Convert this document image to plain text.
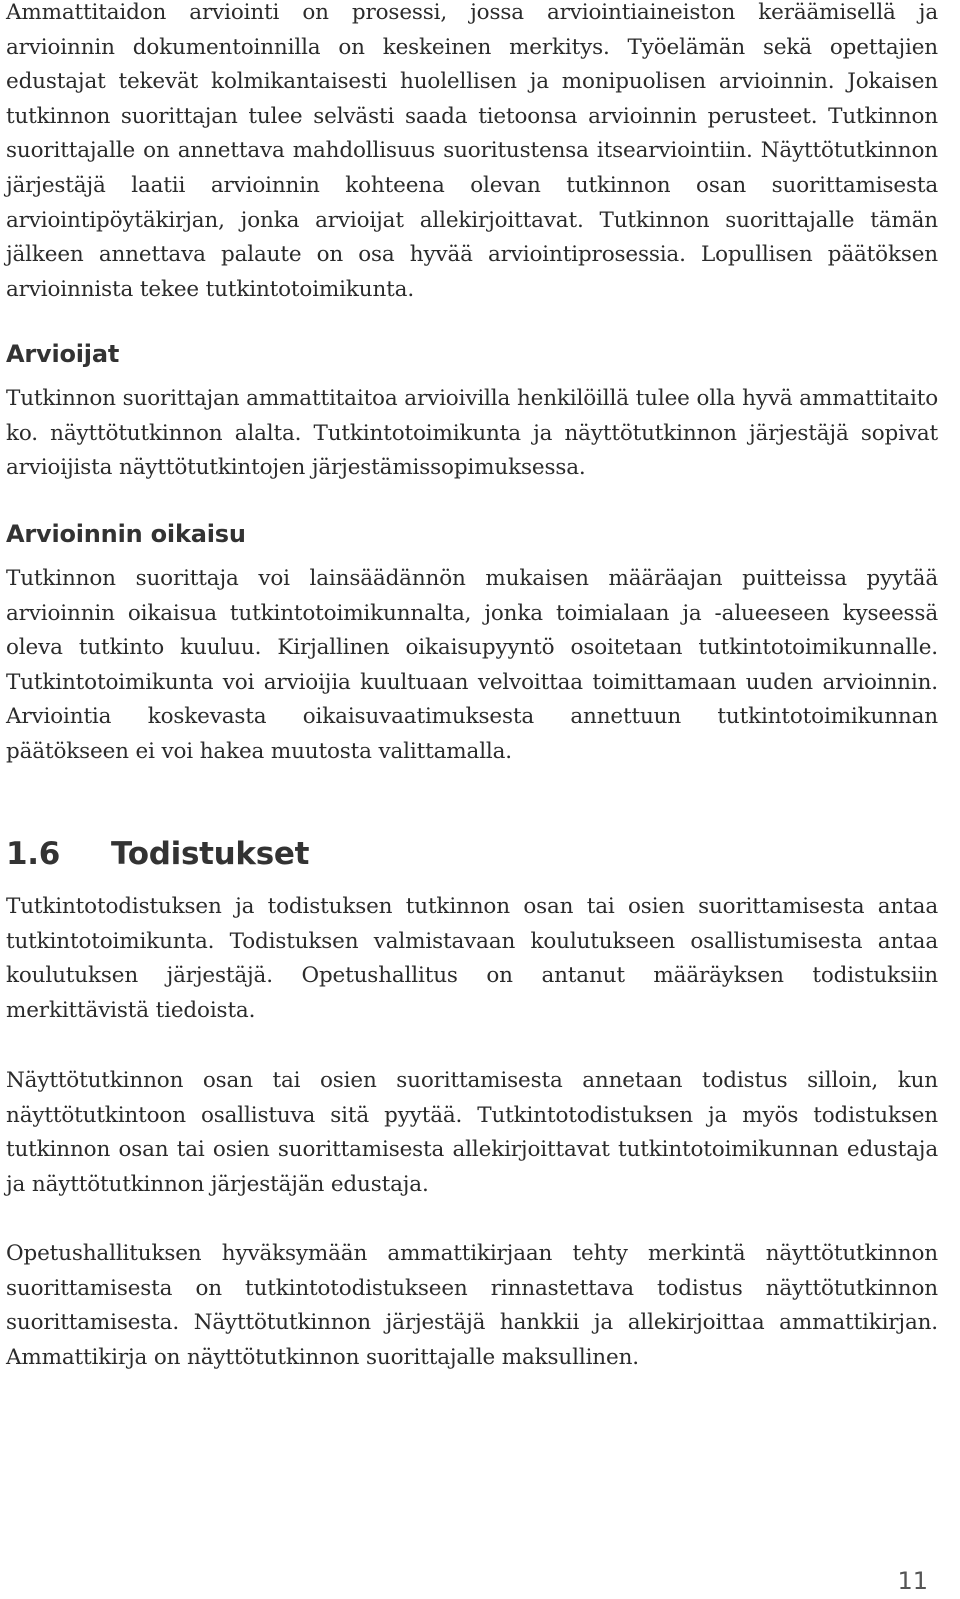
Ammattitaidon arviointi on prosessi, jossa arviointiaineiston keräämisellä ja arvioinnin dokumentoinnilla on keskeinen merkitys. Työelämän sekä opettajien edustajat tekevät kolmikantaisesti huolellisen ja monipuolisen arvioinnin. Jokaisen tutkinnon suorittajan tulee selvästi saada tietoonsa arvioinnin perusteet. Tutkinnon suorittajalle on annettava mahdollisuus suoritustensa itsearviointiin. Näyttötutkinnon järjestäjä laatii arvioinnin kohteena olevan tutkinnon osan suorittamisesta arviointipöytäkirjan, jonka arvioijat allekirjoittavat. Tutkinnon suorittajalle tämän jälkeen annettava palaute on osa hyvää arviointiprosessia. Lopullisen päätöksen arvioinnista tekee tutkintotoimikunta.

Arvioijat

Tutkinnon suorittajan ammattitaitoa arvioivilla henkilöillä tulee olla hyvä ammattitaito ko. näyttötutkinnon alalta. Tutkintotoimikunta ja näyttötutkinnon järjestäjä sopivat arvioijista näyttötutkintojen järjestämissopimuksessa.

Arvioinnin oikaisu

Tutkinnon suorittaja voi lainsäädännön mukaisen määräajan puitteissa pyytää arvioinnin oikaisua tutkintotoimikunnalta, jonka toimialaan ja -alueeseen kyseessä oleva tutkinto kuuluu. Kirjallinen oikaisupyyntö osoitetaan tutkintotoimikunnalle. Tutkintotoimikunta voi arvioijia kuultuaan velvoittaa toimittamaan uuden arvioinnin. Arviointia koskevasta oikaisuvaatimuksesta annettuun tutkintotoimikunnan päätökseen ei voi hakea muutosta valittamalla.

1.6	Todistukset

Tutkintotodistuksen ja todistuksen tutkinnon osan tai osien suorittamisesta antaa tutkintotoimikunta. Todistuksen valmistavaan koulutukseen osallistumisesta antaa koulutuksen järjestäjä. Opetushallitus on antanut määräyksen todistuksiin merkittävistä tiedoista.

Näyttötutkinnon osan tai osien suorittamisesta annetaan todistus silloin, kun näyttötutkintoon osallistuva sitä pyytää. Tutkintotodistuksen ja myös todistuksen tutkinnon osan tai osien suorittamisesta allekirjoittavat tutkintotoimikunnan edustaja ja näyttötutkinnon järjestäjän edustaja.

Opetushallituksen hyväksymään ammattikirjaan tehty merkintä näyttötutkinnon suorittamisesta on tutkintotodistukseen rinnastettava todistus näyttötutkinnon suorittamisesta. Näyttötutkinnon järjestäjä hankkii ja allekirjoittaa ammattikirjan. Ammattikirja on näyttötutkinnon suorittajalle maksullinen.

11
